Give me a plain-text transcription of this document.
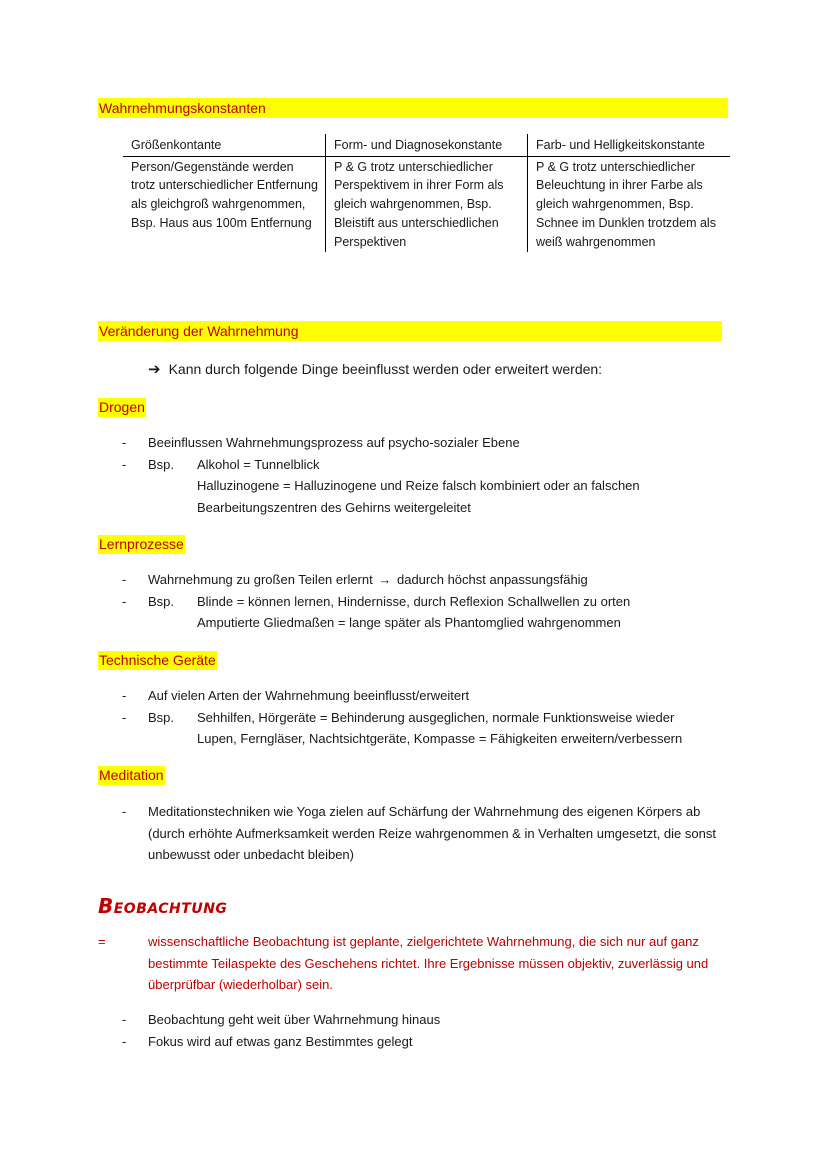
Wahrnehmungskonstanten
Größenkontante	Form- und Diagnosekonstante	Farb- und Helligkeitskonstante
Person/Gegenstände werden trotz unterschiedlicher Entfernung als gleichgroß wahrgenommen, Bsp. Haus aus 100m Entfernung	P & G trotz unterschiedlicher Perspektivem in ihrer Form als gleich wahrgenommen, Bsp. Bleistift aus unterschiedlichen Perspektiven	P & G trotz unterschiedlicher Beleuchtung in ihrer Farbe als gleich wahrgenommen, Bsp. Schnee im Dunklen trotzdem als weiß wahrgenommen
Veränderung der Wahrnehmung
➔ Kann durch folgende Dinge beeinflusst werden oder erweitert werden:
Drogen
- Beeinflussen Wahrnehmungsprozess auf psycho-sozialer Ebene
- Bsp. Alkohol = Tunnelblick
Halluzinogene = Halluzinogene und Reize falsch kombiniert oder an falschen Bearbeitungszentren des Gehirns weitergeleitet
Lernprozesse
- Wahrnehmung zu großen Teilen erlernt → dadurch höchst anpassungsfähig
- Bsp. Blinde = können lernen, Hindernisse, durch Reflexion Schallwellen zu orten
Amputierte Gliedmaßen = lange später als Phantomglied wahrgenommen
Technische Geräte
- Auf vielen Arten der Wahrnehmung beeinflusst/erweitert
- Bsp. Sehhilfen, Hörgeräte = Behinderung ausgeglichen, normale Funktionsweise wieder
Lupen, Ferngläser, Nachtsichtgeräte, Kompasse = Fähigkeiten erweitern/verbessern
Meditation
- Meditationstechniken wie Yoga zielen auf Schärfung der Wahrnehmung des eigenen Körpers ab (durch erhöhte Aufmerksamkeit werden Reize wahrgenommen & in Verhalten umgesetzt, die sonst unbewusst oder unbedacht bleiben)
Beobachtung
=	wissenschaftliche Beobachtung ist geplante, zielgerichtete Wahrnehmung, die sich nur auf ganz bestimmte Teilaspekte des Geschehens richtet. Ihre Ergebnisse müssen objektiv, zuverlässig und überprüfbar (wiederholbar) sein.
- Beobachtung geht weit über Wahrnehmung hinaus
- Fokus wird auf etwas ganz Bestimmtes gelegt
